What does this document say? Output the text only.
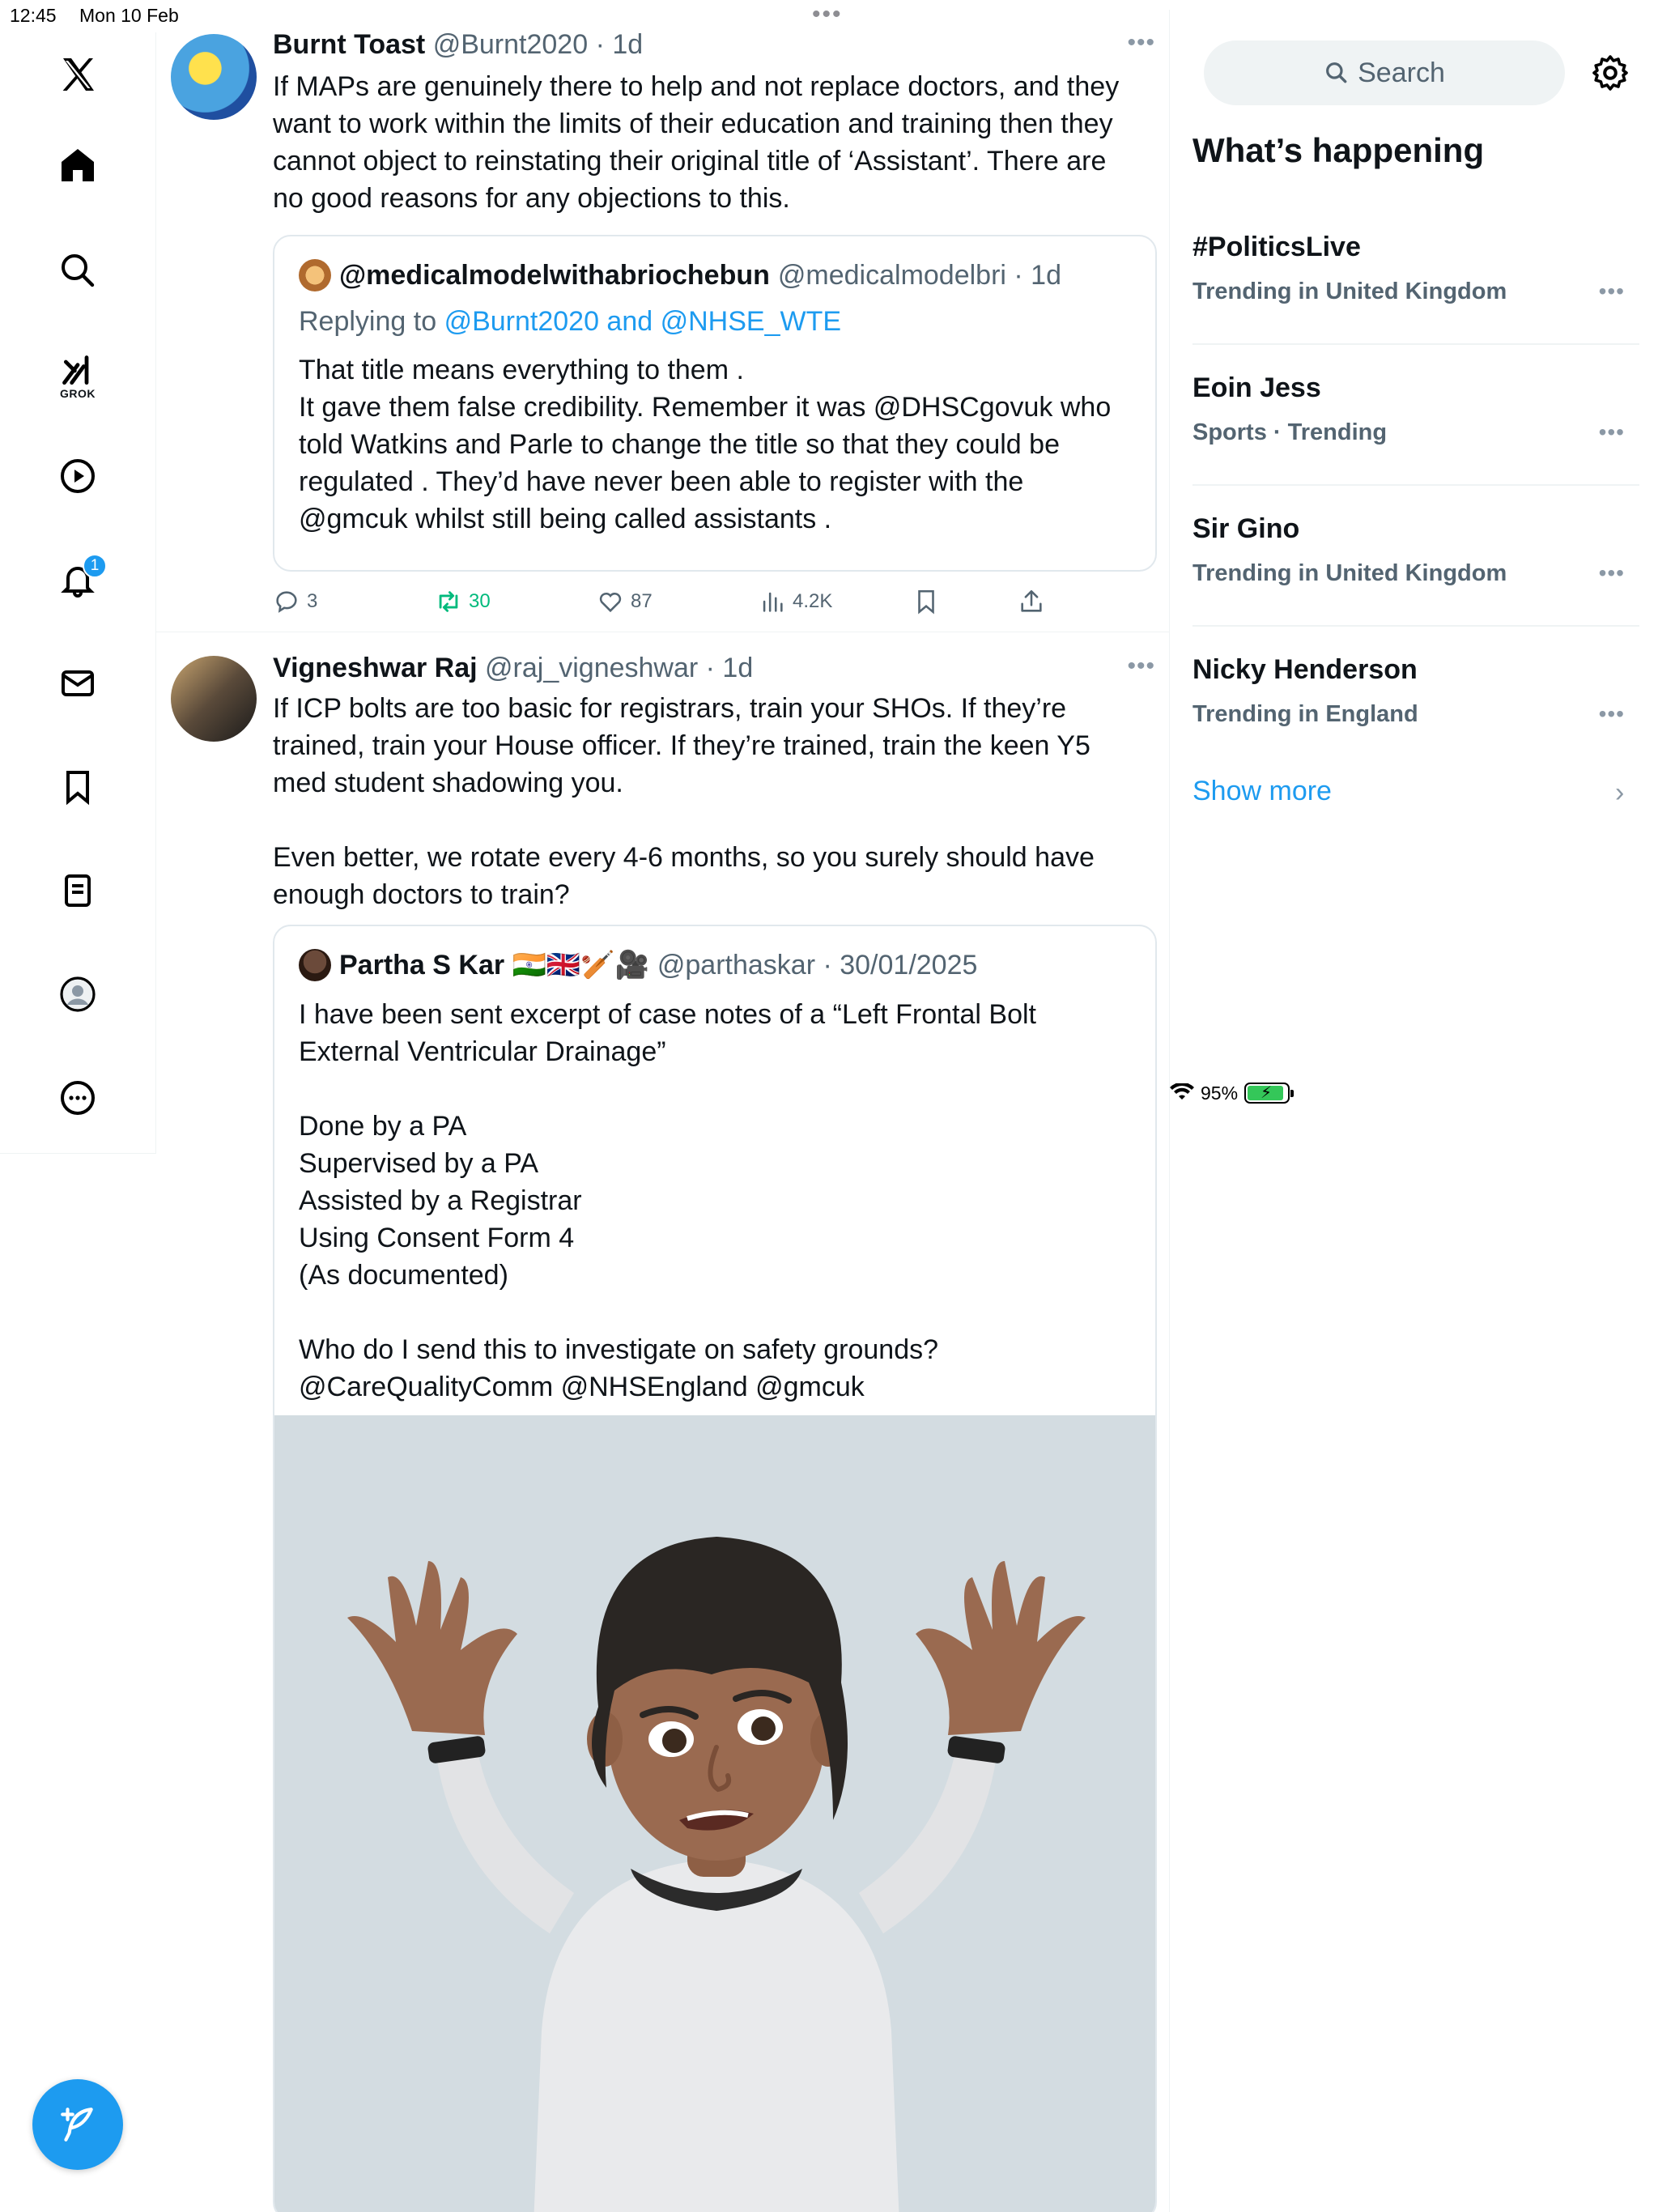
12:45 Mon 10 Feb
95% ⚡
•••
GROK
1
Burnt Toast @Burnt2020 · 1d	•••
If MAPs are genuinely there to help and not replace doctors, and they
want to work within the limits of their education and training then they
cannot object to reinstating their original title of ‘Assistant’. There are
no good reasons for any objections to this.
@medicalmodelwithabriochebun @medicalmodelbri · 1d
Replying to @Burnt2020 and @NHSE_WTE
That title means everything to them .
It gave them false credibility. Remember it was @DHSCgovuk who
told Watkins and Parle to change the title so that they could be
regulated . They’d have never been able to register with the
@gmcuk whilst still being called assistants .
3	30	87	4.2K
Vigneshwar Raj @raj_vigneshwar · 1d	•••
If ICP bolts are too basic for registrars, train your SHOs. If they’re
trained, train your House officer. If they’re trained, train the keen Y5
med student shadowing you.

Even better, we rotate every 4-6 months, so you surely should have
enough doctors to train?
Partha S Kar 🇮🇳🇬🇧🏏🎥 @parthaskar · 30/01/2025
I have been sent excerpt of case notes of a “Left Frontal Bolt
External Ventricular Drainage”

Done by a PA
Supervised by a PA
Assisted by a Registrar
Using Consent Form 4
(As documented)

Who do I send this to investigate on safety grounds?
@CareQualityComm @NHSEngland @gmcuk
Search
What’s happening
#PoliticsLive
Trending in United Kingdom	•••
Eoin Jess
Sports · Trending	•••
Sir Gino
Trending in United Kingdom	•••
Nicky Henderson
Trending in England	•••
Show more	›
